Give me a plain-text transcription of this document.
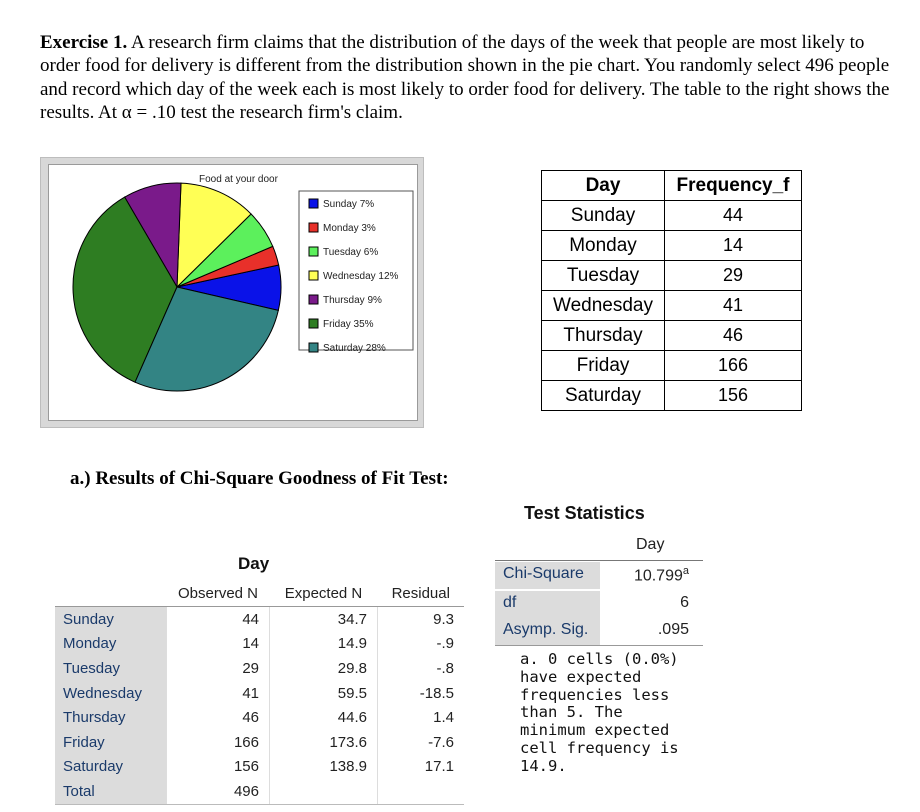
Exercise 1. A research firm claims that the distribution of the days of the week that people are most likely to order food for delivery is different from the distribution shown in the pie chart. You randomly select 496 people and record which day of the week each is most likely to order food for delivery. The table to the right shows the results. At α = .10 test the research firm's claim.
Food at your door
Sunday 7%
Monday 3%
Tuesday 6%
Wednesday 12%
Thursday 9%
Friday 35%
Saturday 28%
Day	Frequency_f
Sunday	44
Monday	14
Tuesday	29
Wednesday	41
Thursday	46
Friday	166
Saturday	156
a.) Results of Chi-Square Goodness of Fit Test:
Day
	Observed N	Expected N	Residual
Sunday	44	34.7	9.3
Monday	14	14.9	-.9
Tuesday	29	29.8	-.8
Wednesday	41	59.5	-18.5
Thursday	46	44.6	1.4
Friday	166	173.6	-7.6
Saturday	156	138.9	17.1
Total	496		
Test Statistics
Day
Chi-Square	10.799$^a$
df	6
Asymp. Sig.	.095
a. 0 cells (0.0%) have expected frequencies less than 5. The minimum expected cell frequency is 14.9.
